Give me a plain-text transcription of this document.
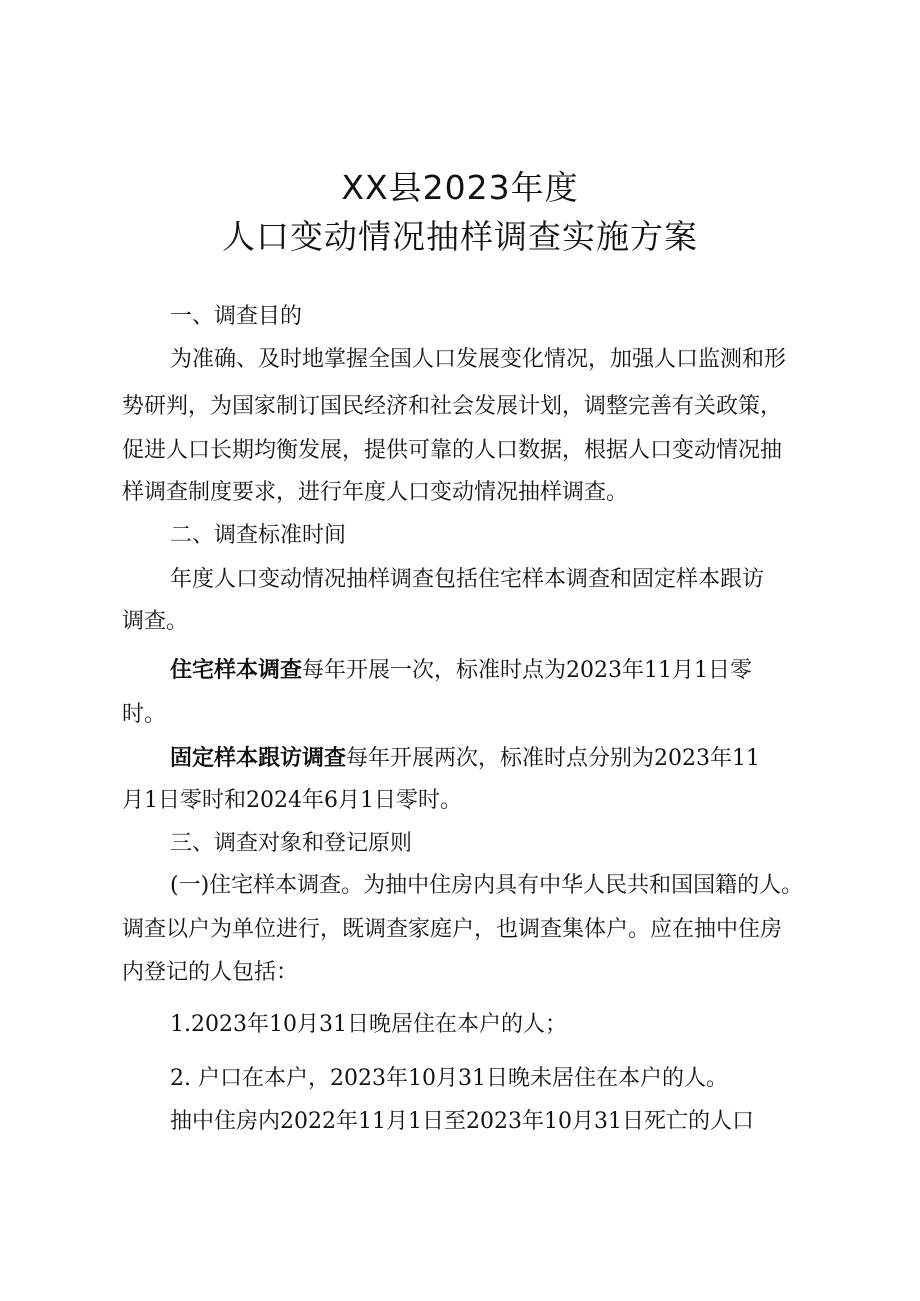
XX县2023年度
人口变动情况抽样调查实施方案
一、调查目的
为准确、及时地掌握全国人口发展变化情况，加强人口监测和形
势研判，为国家制订国民经济和社会发展计划，调整完善有关政策，
促进人口长期均衡发展，提供可靠的人口数据，根据人口变动情况抽
样调查制度要求，进行年度人口变动情况抽样调查。
二、调查标准时间
年度人口变动情况抽样调查包括住宅样本调查和固定样本跟访
调查。
住宅样本调查每年开展一次，标准时点为2023年11月1日零
时。
固定样本跟访调查每年开展两次，标准时点分别为2023年11
月1日零时和2024年6月1日零时。
三、调查对象和登记原则
(一)住宅样本调查。为抽中住房内具有中华人民共和国国籍的人。
调查以户为单位进行，既调查家庭户，也调查集体户。应在抽中住房
内登记的人包括：
1.2023年10月31日晚居住在本户的人；
2. 户口在本户，2023年10月31日晚未居住在本户的人。
抽中住房内2022年11月1日至2023年10月31日死亡的人口
